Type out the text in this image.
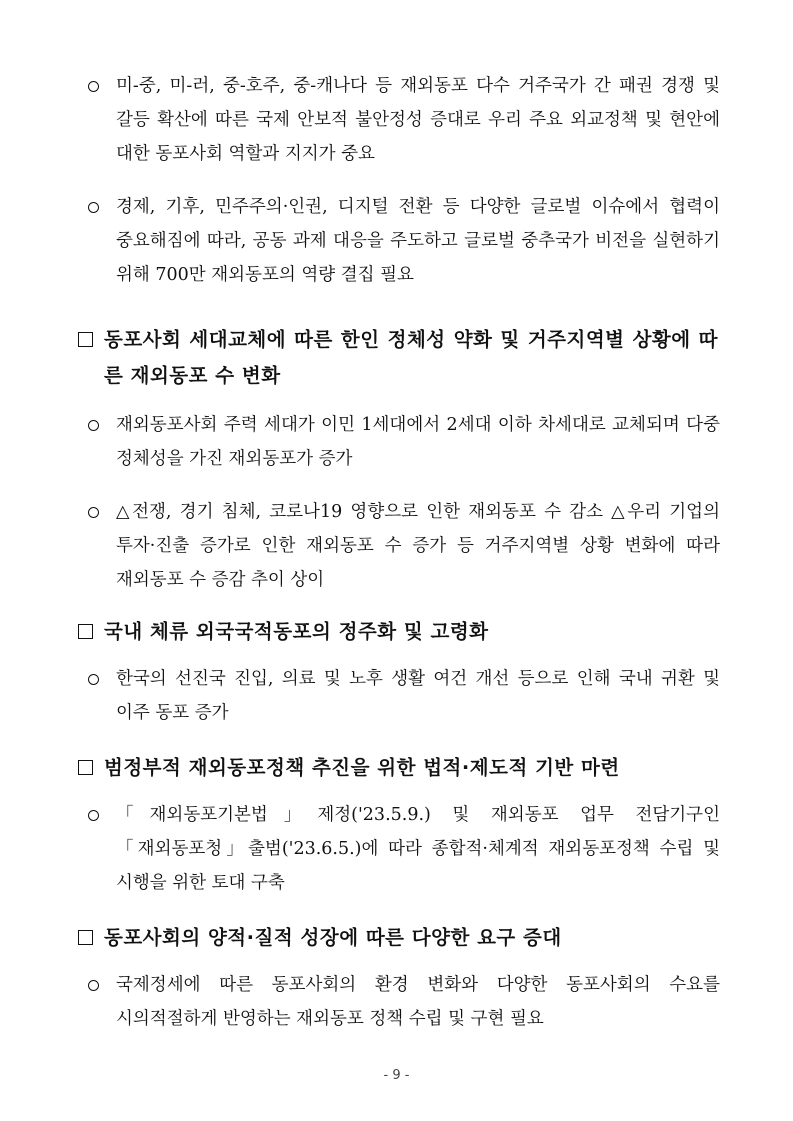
미-중, 미-러, 중-호주, 중-캐나다 등 재외동포 다수 거주국가 간 패권 경쟁 및 갈등 확산에 따른 국제 안보적 불안정성 증대로 우리 주요 외교정책 및 현안에 대한 동포사회 역할과 지지가 중요
경제, 기후, 민주주의·인권, 디지털 전환 등 다양한 글로벌 이슈에서 협력이 중요해짐에 따라, 공동 과제 대응을 주도하고 글로벌 중추국가 비전을 실현하기 위해 700만 재외동포의 역량 결집 필요
동포사회 세대교체에 따른 한인 정체성 약화 및 거주지역별 상황에 따른 재외동포 수 변화
재외동포사회 주력 세대가 이민 1세대에서 2세대 이하 차세대로 교체되며 다중 정체성을 가진 재외동포가 증가
△전쟁, 경기 침체, 코로나19 영향으로 인한 재외동포 수 감소 △우리 기업의 투자·진출 증가로 인한 재외동포 수 증가 등 거주지역별 상황 변화에 따라 재외동포 수 증감 추이 상이
국내 체류 외국국적동포의 정주화 및 고령화
한국의 선진국 진입, 의료 및 노후 생활 여건 개선 등으로 인해 국내 귀환 및 이주 동포 증가
범정부적 재외동포정책 추진을 위한 법적·제도적 기반 마련
「재외동포기본법」제정('23.5.9.) 및 재외동포 업무 전담기구인 「재외동포청」출범('23.6.5.)에 따라 종합적·체계적 재외동포정책 수립 및 시행을 위한 토대 구축
동포사회의 양적·질적 성장에 따른 다양한 요구 증대
국제정세에 따른 동포사회의 환경 변화와 다양한 동포사회의 수요를 시의적절하게 반영하는 재외동포 정책 수립 및 구현 필요
- 9 -
